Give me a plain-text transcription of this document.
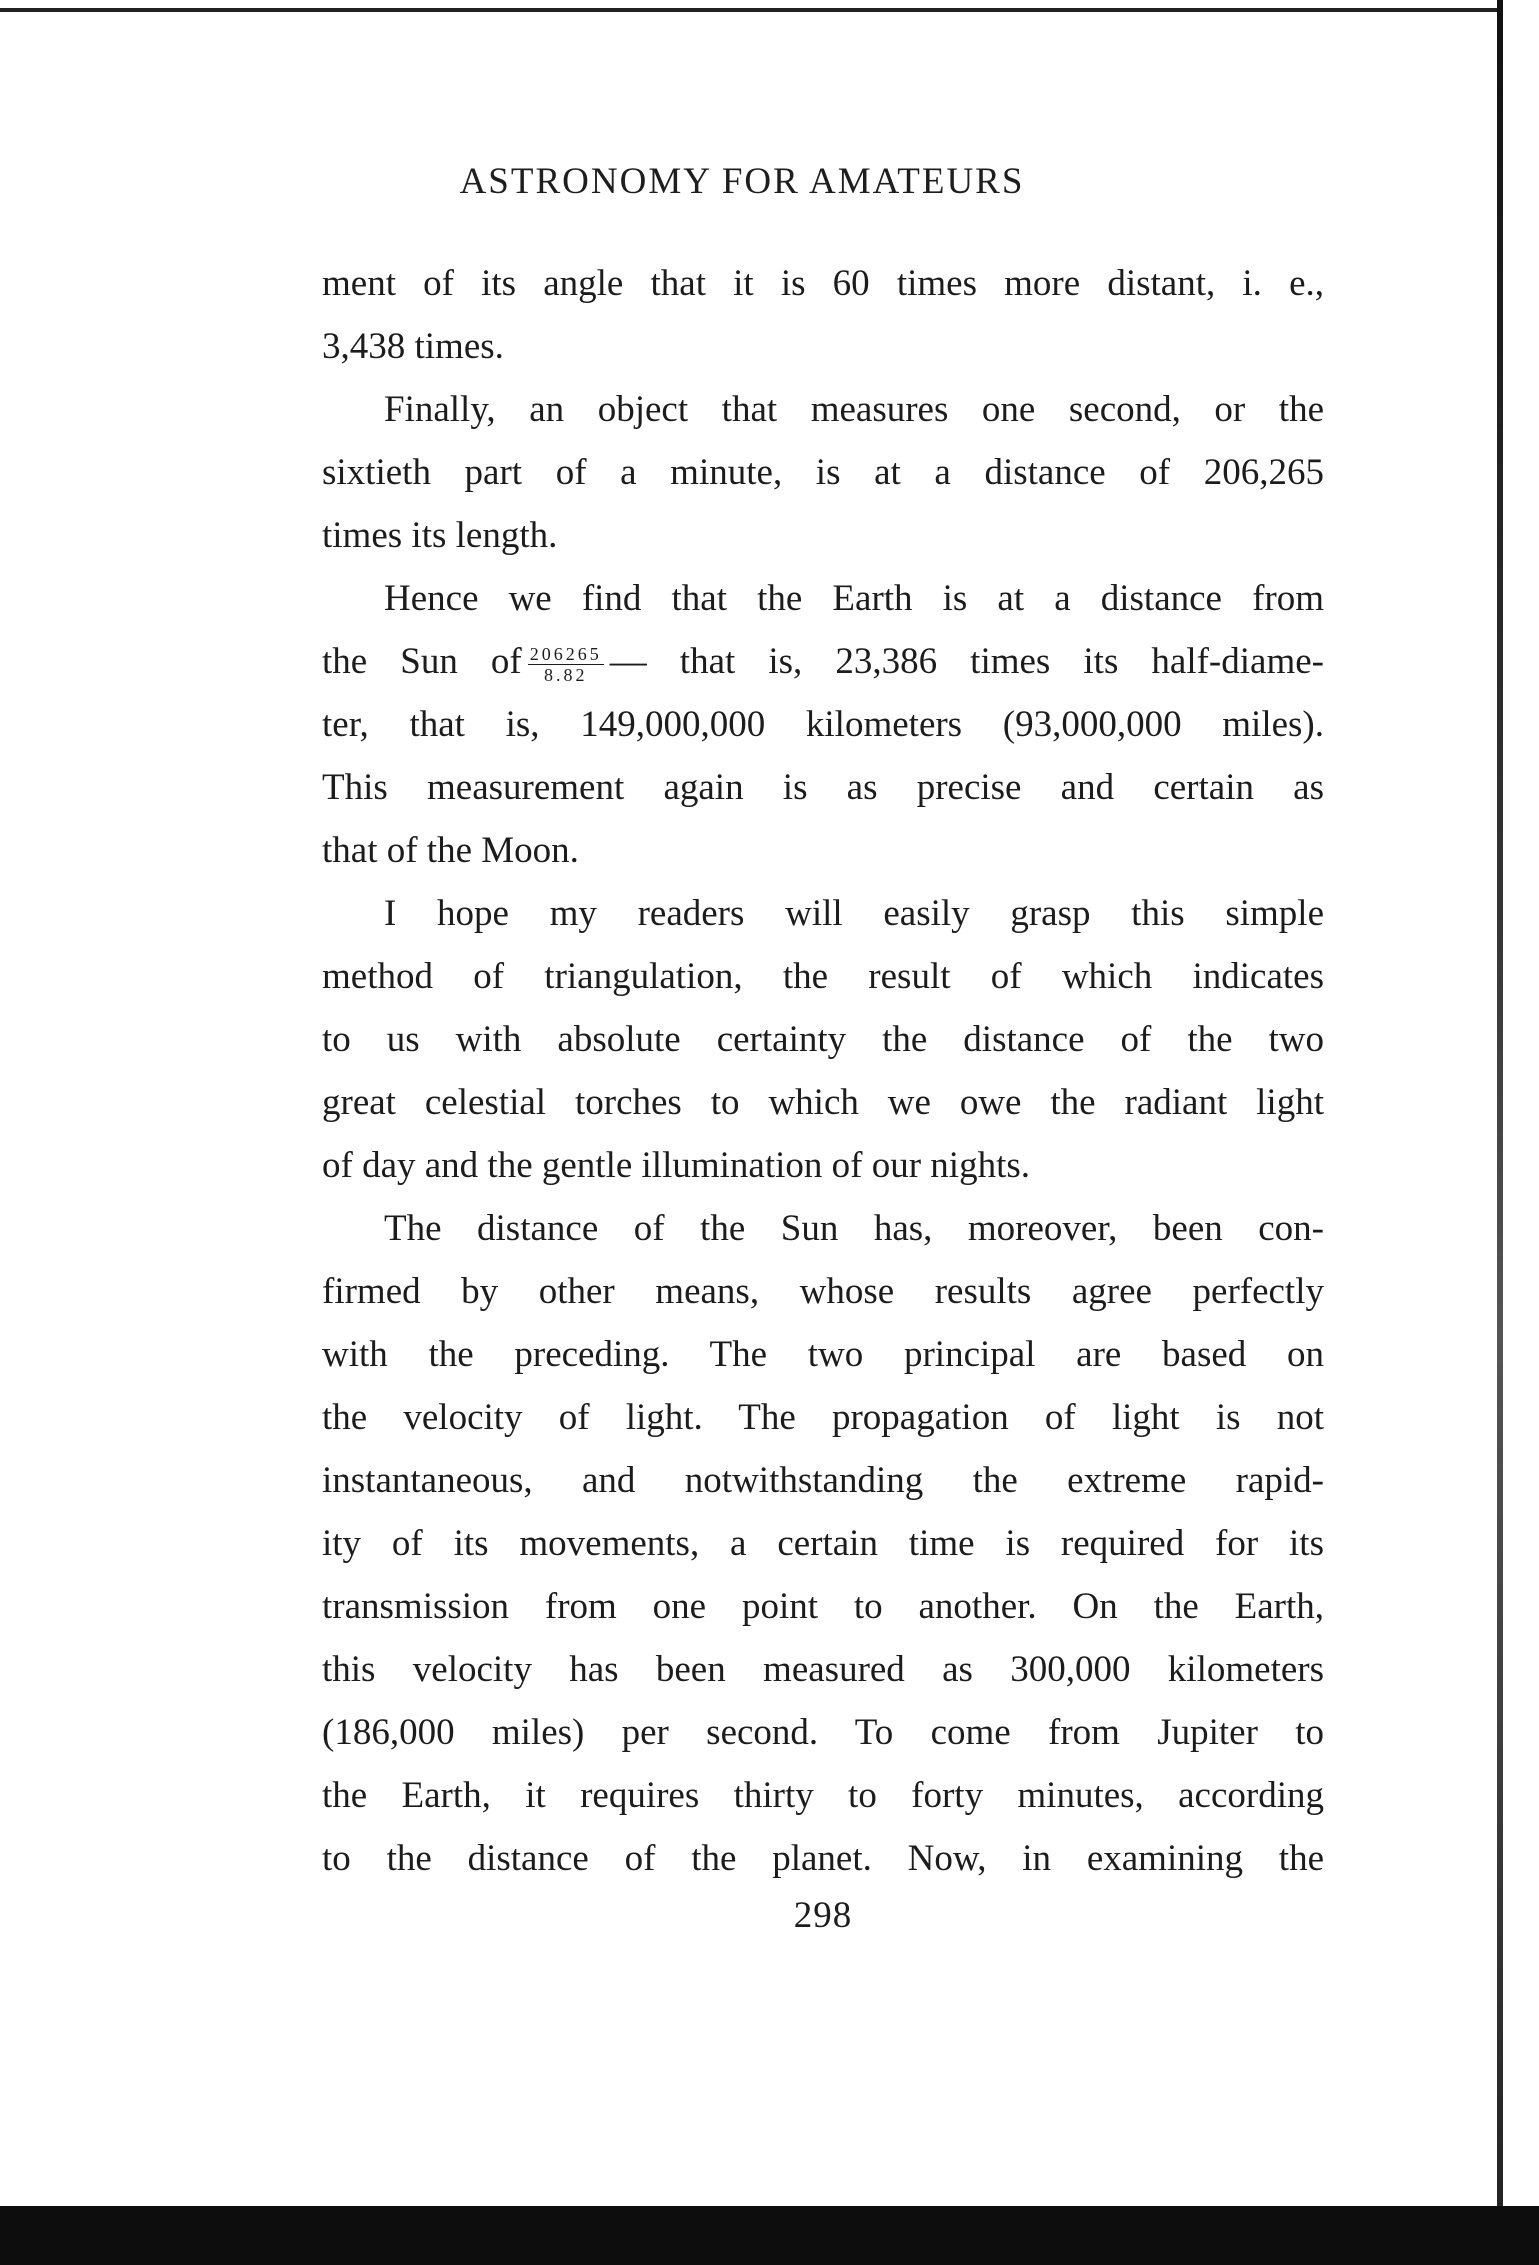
ASTRONOMY FOR AMATEURS
ment of its angle that it is 60 times more distant, i. e.,
3,438 times.
Finally, an object that measures one second, or the
sixtieth part of a minute, is at a distance of 206,265
times its length.
Hence we find that the Earth is at a distance from
the Sun of $\frac{206265}{8.82}$ — that is, 23,386 times its half-diame-
ter, that is, 149,000,000 kilometers (93,000,000 miles).
This measurement again is as precise and certain as
that of the Moon.
I hope my readers will easily grasp this simple
method of triangulation, the result of which indicates
to us with absolute certainty the distance of the two
great celestial torches to which we owe the radiant light
of day and the gentle illumination of our nights.
The distance of the Sun has, moreover, been con-
firmed by other means, whose results agree perfectly
with the preceding. The two principal are based on
the velocity of light. The propagation of light is not
instantaneous, and notwithstanding the extreme rapid-
ity of its movements, a certain time is required for its
transmission from one point to another. On the Earth,
this velocity has been measured as 300,000 kilometers
(186,000 miles) per second. To come from Jupiter to
the Earth, it requires thirty to forty minutes, according
to the distance of the planet. Now, in examining the
298
